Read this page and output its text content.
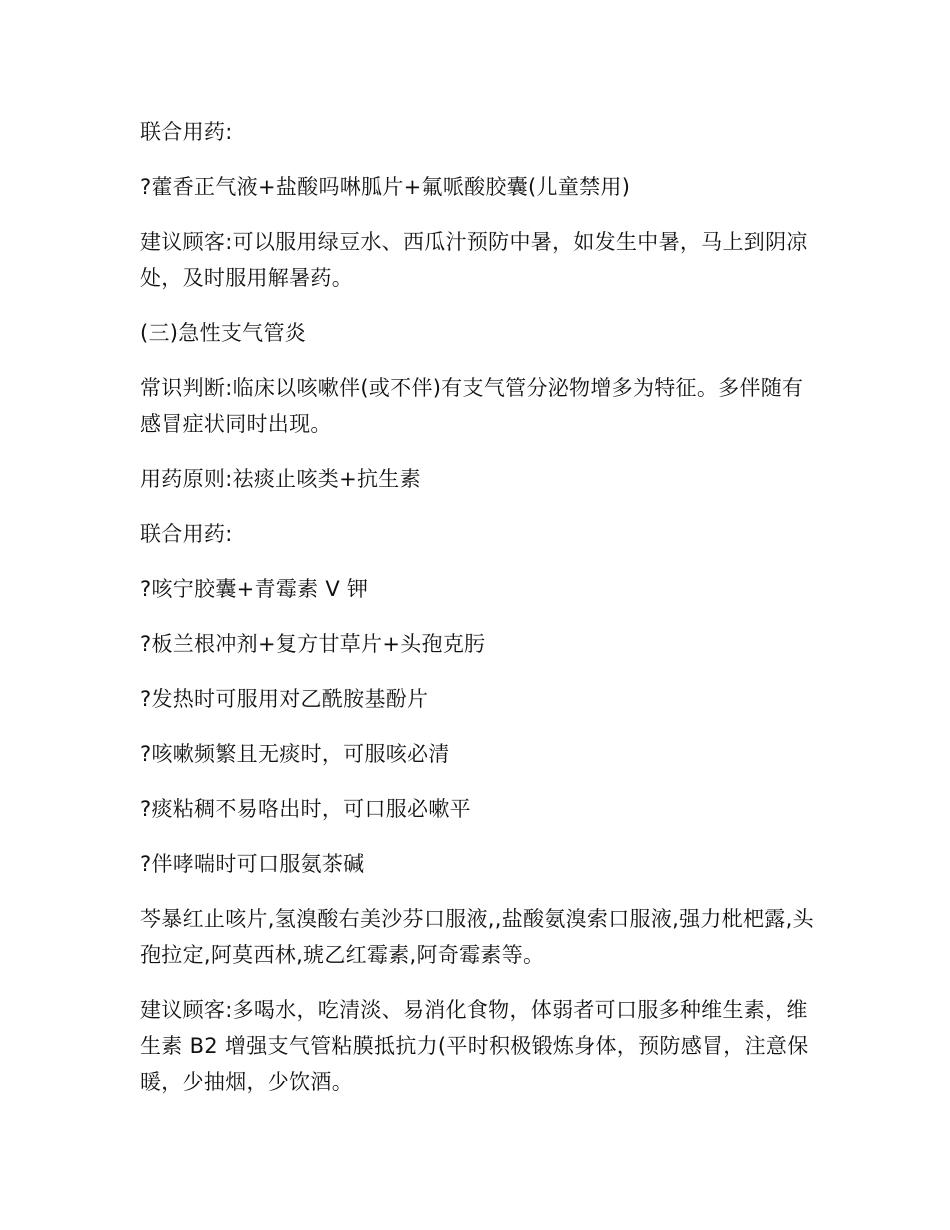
联合用药:

?藿香正气液+盐酸吗啉胍片+氟哌酸胶囊(儿童禁用)

建议顾客:可以服用绿豆水、西瓜汁预防中暑，如发生中暑，马上到阴凉处，及时服用解暑药。

(三)急性支气管炎

常识判断:临床以咳嗽伴(或不伴)有支气管分泌物增多为特征。多伴随有感冒症状同时出现。

用药原则:祛痰止咳类+抗生素

联合用药:

?咳宁胶囊+青霉素 V 钾

?板兰根冲剂+复方甘草片+头孢克肟

?发热时可服用对乙酰胺基酚片

?咳嗽频繁且无痰时，可服咳必清

?痰粘稠不易咯出时，可口服必嗽平

?伴哮喘时可口服氨茶碱

芩暴红止咳片,氢溴酸右美沙芬口服液,,盐酸氨溴索口服液,强力枇杷露,头孢拉定,阿莫西林,琥乙红霉素,阿奇霉素等。

建议顾客:多喝水，吃清淡、易消化食物，体弱者可口服多种维生素，维生素 B2 增强支气管粘膜抵抗力(平时积极锻炼身体，预防感冒，注意保暖，少抽烟，少饮酒。
